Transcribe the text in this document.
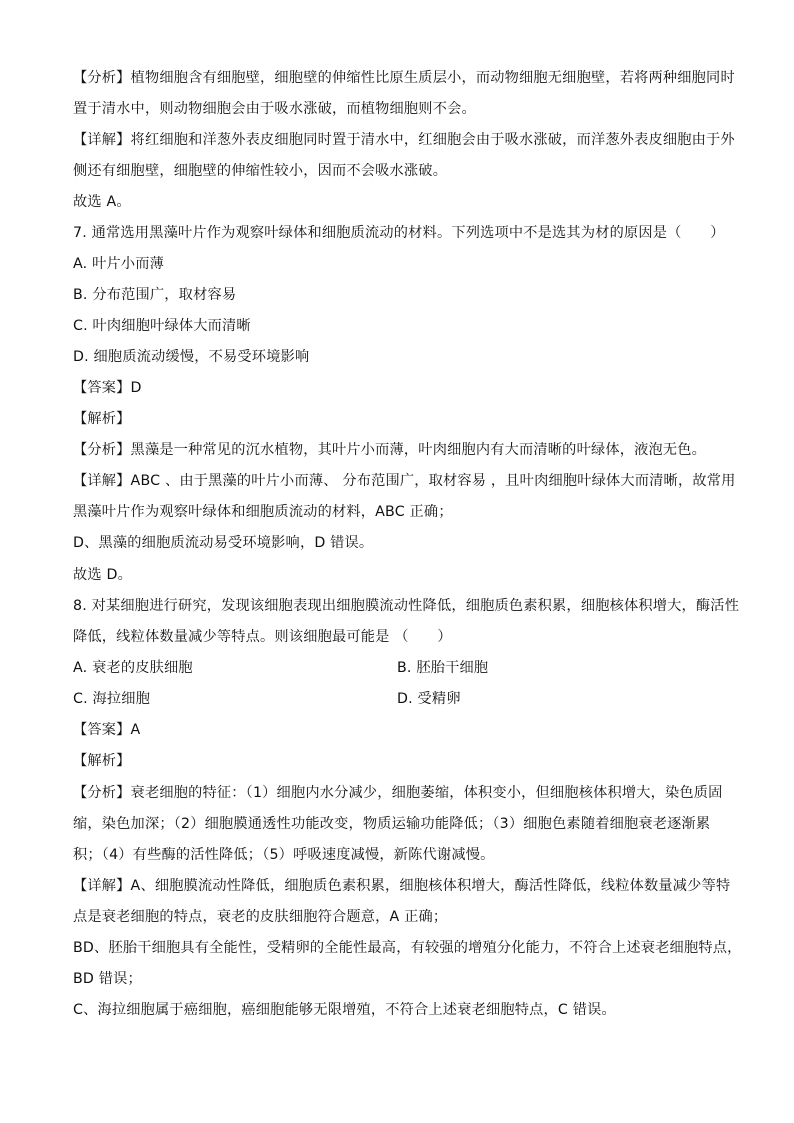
【分析】植物细胞含有细胞壁，细胞壁的伸缩性比原生质层小，而动物细胞无细胞壁，若将两种细胞同时
置于清水中，则动物细胞会由于吸水涨破，而植物细胞则不会。
【详解】将红细胞和洋葱外表皮细胞同时置于清水中，红细胞会由于吸水涨破，而洋葱外表皮细胞由于外
侧还有细胞壁，细胞壁的伸缩性较小，因而不会吸水涨破。
故选 A。
7. 通常选用黑藻叶片作为观察叶绿体和细胞质流动的材料。下列选项中不是选其为材的原因是（　　）
A. 叶片小而薄
B. 分布范围广，取材容易
C. 叶肉细胞叶绿体大而清晰
D. 细胞质流动缓慢，不易受环境影响
【答案】D
【解析】
【分析】黑藻是一种常见的沉水植物，其叶片小而薄，叶肉细胞内有大而清晰的叶绿体，液泡无色。
【详解】ABC 、由于黑藻的叶片小而薄、 分布范围广，取材容易 ，且叶肉细胞叶绿体大而清晰，故常用
黑藻叶片作为观察叶绿体和细胞质流动的材料，ABC 正确；
D、黑藻的细胞质流动易受环境影响，D 错误。
故选 D。
8. 对某细胞进行研究，发现该细胞表现出细胞膜流动性降低，细胞质色素积累，细胞核体积增大，酶活性
降低，线粒体数量减少等特点。则该细胞最可能是 （　　）
A. 衰老的皮肤细胞	B. 胚胎干细胞
C. 海拉细胞	D. 受精卵
【答案】A
【解析】
【分析】衰老细胞的特征：（1）细胞内水分减少，细胞萎缩，体积变小，但细胞核体积增大，染色质固
缩，染色加深；（2）细胞膜通透性功能改变，物质运输功能降低；（3）细胞色素随着细胞衰老逐渐累
积；（4）有些酶的活性降低；（5）呼吸速度减慢，新陈代谢减慢。
【详解】A、细胞膜流动性降低，细胞质色素积累，细胞核体积增大，酶活性降低，线粒体数量减少等特
点是衰老细胞的特点，衰老的皮肤细胞符合题意，A 正确；
BD、胚胎干细胞具有全能性，受精卵的全能性最高，有较强的增殖分化能力，不符合上述衰老细胞特点，
BD 错误；
C、海拉细胞属于癌细胞，癌细胞能够无限增殖，不符合上述衰老细胞特点，C 错误。
